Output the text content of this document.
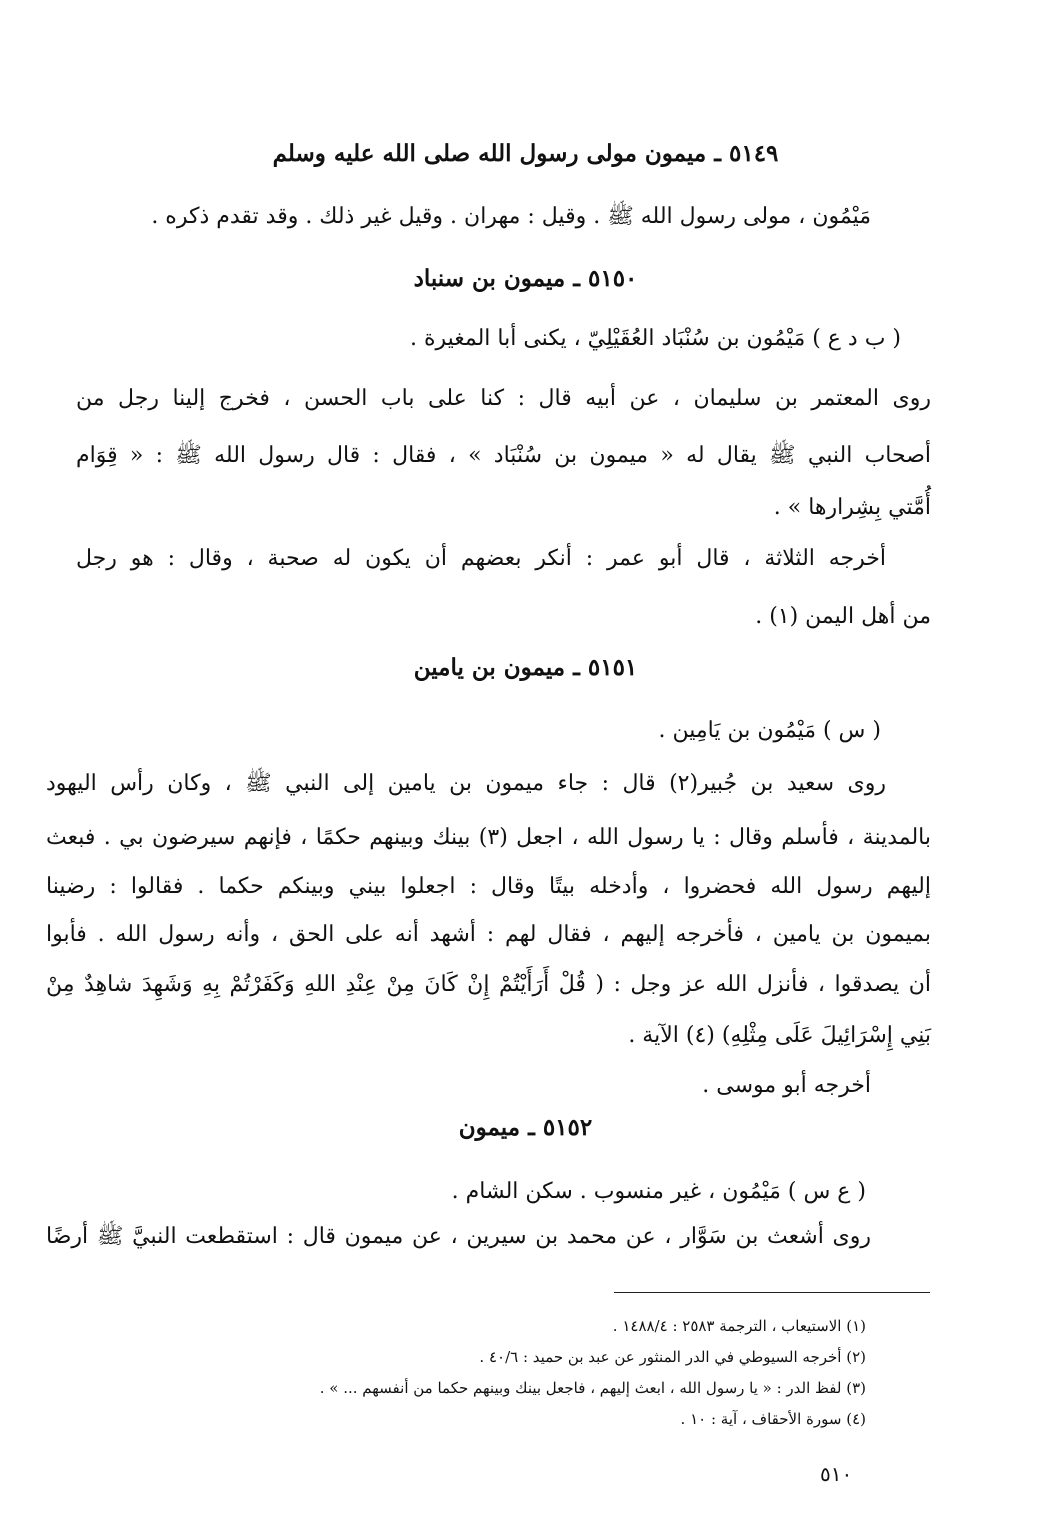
٥١٤٩ ـ ميمون مولى رسول الله صلى الله عليه وسلم
مَيْمُون ، مولى رسول الله ﷺ . وقيل : مهران . وقيل غير ذلك . وقد تقدم ذكره .
٥١٥٠ ـ ميمون بن سنباد
( ب د ع ) مَيْمُون بن سُنْبَاد العُقَيْلِيّ ، يكنى أبا المغيرة .
روى المعتمر بن سليمان ، عن أبيه قال : كنا على باب الحسن ، فخرج إلينا رجل من
أصحاب النبي ﷺ يقال له « ميمون بن سُنْبَاد » ، فقال : قال رسول الله ﷺ : « قِوَام
أُمَّتي بِشِرارها » .
أخرجه الثلاثة ، قال أبو عمر : أنكر بعضهم أن يكون له صحبة ، وقال : هو رجل
من أهل اليمن (١) .
٥١٥١ ـ ميمون بن يامين
( س ) مَيْمُون بن يَامِين .
روى سعيد بن جُبير(٢) قال : جاء ميمون بن يامين إلى النبي ﷺ ، وكان رأس اليهود
بالمدينة ، فأسلم وقال : يا رسول الله ، اجعل (٣) بينك وبينهم حكمًا ، فإنهم سيرضون بي . فبعث
إليهم رسول الله فحضروا ، وأدخله بيتًا وقال : اجعلوا بيني وبينكم حكما . فقالوا : رضينا
بميمون بن يامين ، فأخرجه إليهم ، فقال لهم : أشهد أنه على الحق ، وأنه رسول الله . فأبوا
أن يصدقوا ، فأنزل الله عز وجل : ( قُلْ أَرَأَيْتُمْ إِنْ كَانَ مِنْ عِنْدِ اللهِ وَكَفَرْتُمْ بِهِ وَشَهِدَ شاهِدٌ مِنْ
بَنِي إِسْرَائِيلَ عَلَى مِثْلِهِ) (٤) الآية .
أخرجه أبو موسى .
٥١٥٢ ـ ميمون
( ع س ) مَيْمُون ، غير منسوب . سكن الشام .
روى أشعث بن سَوَّار ، عن محمد بن سيرين ، عن ميمون قال : استقطعت النبيَّ ﷺ أرضًا
(١) الاستيعاب ، الترجمة ٢٥٨٣ : ١٤٨٨/٤ .
(٢) أخرجه السيوطي في الدر المنثور عن عبد بن حميد : ٤٠/٦ .
(٣) لفظ الدر : « يا رسول الله ، ابعث إليهم ، فاجعل بينك وبينهم حكما من أنفسهم ... » .
(٤) سورة الأحقاف ، آية : ١٠ .
٥١٠
